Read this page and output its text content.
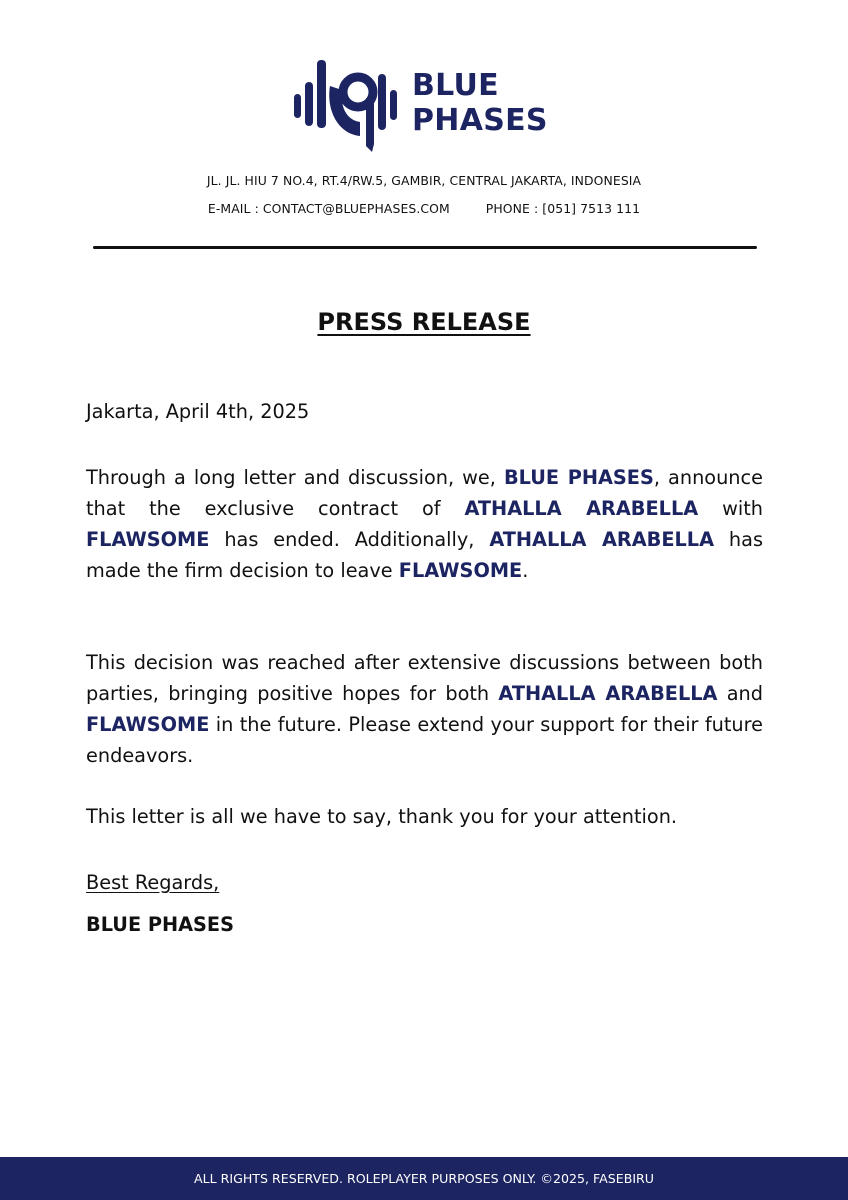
BLUE
PHASES
JL. JL. HIU 7 NO.4, RT.4/RW.5, GAMBIR, CENTRAL JAKARTA, INDONESIA
E-MAIL : CONTACT@BLUEPHASES.COM	PHONE : [051] 7513 111
PRESS RELEASE
Jakarta, April 4th, 2025
Through a long letter and discussion, we, BLUE PHASES, announce that the exclusive contract of ATHALLA ARABELLA with FLAWSOME has ended. Additionally, ATHALLA ARABELLA has made the firm decision to leave FLAWSOME.
This decision was reached after extensive discussions between both parties, bringing positive hopes for both ATHALLA ARABELLA and FLAWSOME in the future. Please extend your support for their future endeavors.
This letter is all we have to say, thank you for your attention.
Best Regards,
BLUE PHASES
ALL RIGHTS RESERVED. ROLEPLAYER PURPOSES ONLY. ©2025, FASEBIRU
